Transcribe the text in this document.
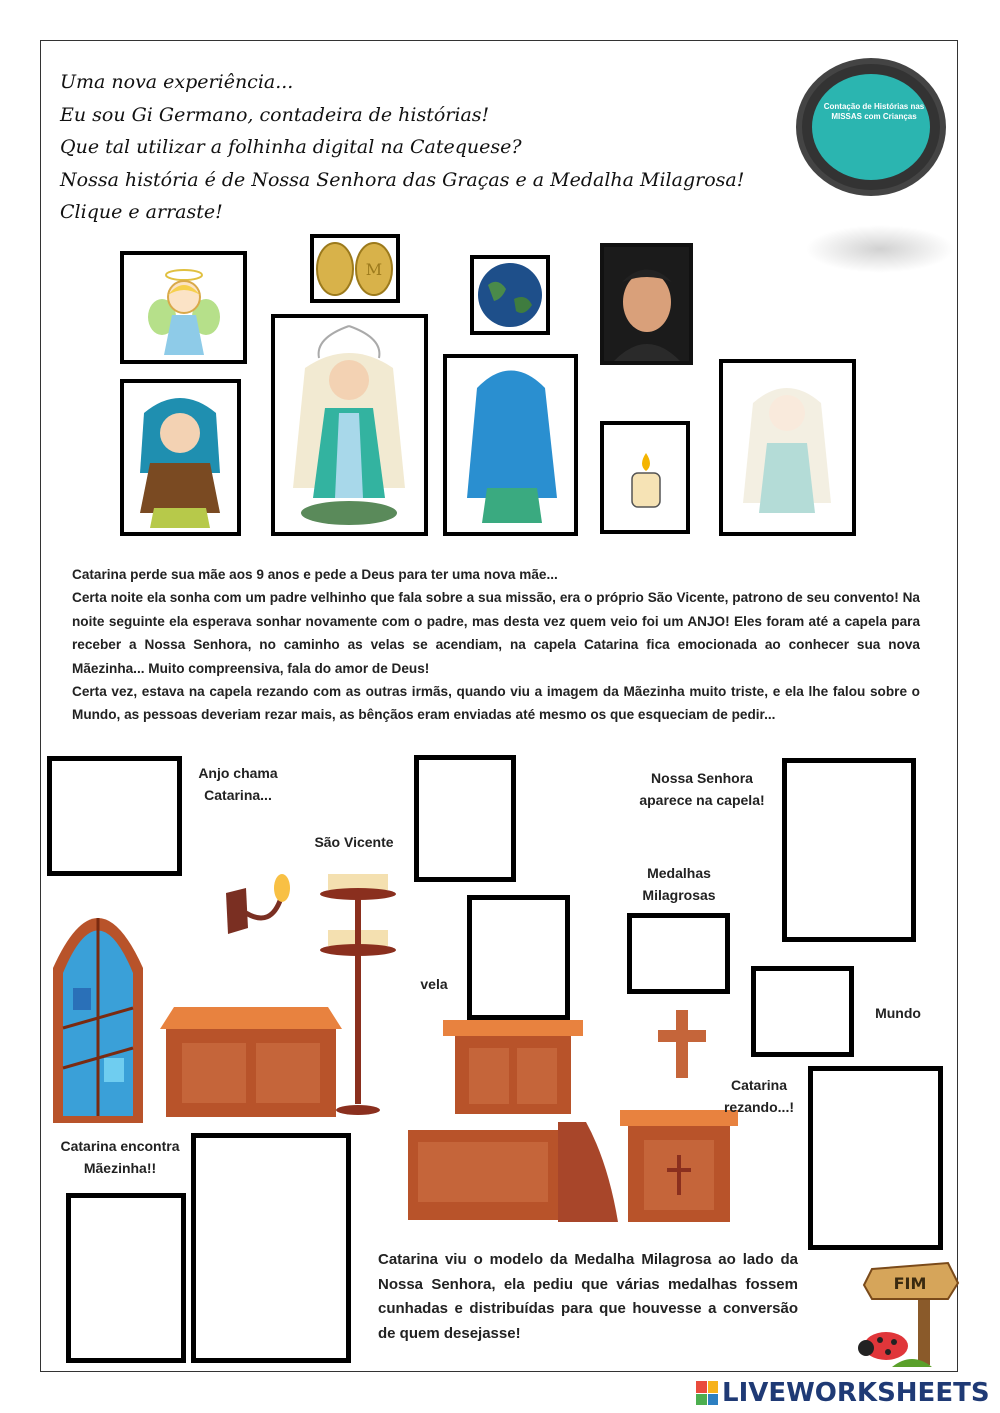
Uma nova experiência...
Eu sou Gi Germano, contadeira de histórias!
Que tal utilizar a folhinha digital na Catequese?
Nossa história é de Nossa Senhora das Graças e a Medalha Milagrosa!
Clique e arraste!
Contação de Histórias nas MISSAS com Crianças
M

Catarina perde sua mãe aos 9 anos e pede a Deus para ter uma nova mãe...

Certa noite ela sonha com um padre velhinho que fala sobre a sua missão, era o próprio São Vicente, patrono de seu convento! Na noite seguinte ela esperava sonhar novamente com o padre, mas desta vez quem veio foi um ANJO! Eles foram até a capela para receber a Nossa Senhora, no caminho as velas se acendiam, na capela Catarina fica emocionada ao conhecer sua nova Mãezinha... Muito compreensiva, fala do amor de Deus!

Certa vez, estava na capela rezando com as outras irmãs, quando viu a imagem da Mãezinha muito triste, e ela lhe falou sobre o Mundo, as pessoas deveriam rezar mais, as bênçãos eram enviadas até mesmo os que esqueciam de pedir...

Anjo chama Catarina...
São Vicente
Nossa Senhora aparece na capela!
Medalhas Milagrosas
vela
Mundo
Catarina rezando...!
Catarina encontra Mãezinha!!
Catarina viu o modelo da Medalha Milagrosa ao lado da Nossa Senhora, ela pediu que várias medalhas fossem cunhadas e distribuídas para que houvesse a conversão de quem desejasse!
FIM
LIVEWORKSHEETS
